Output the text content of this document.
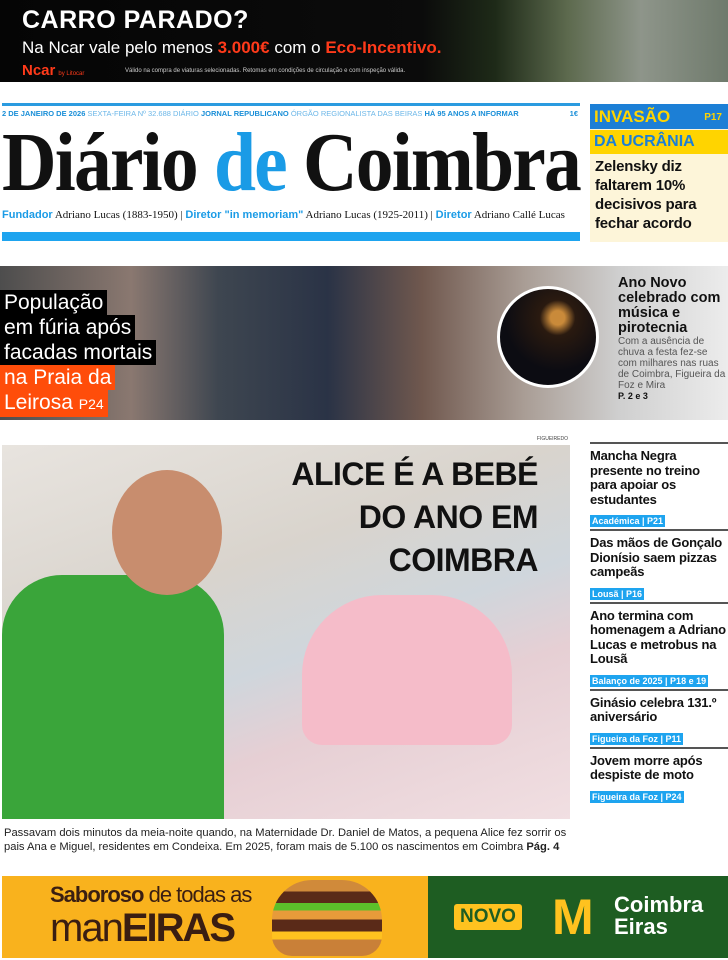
CARRO PARADO?
Na Ncar vale pelo menos 3.000€ com o Eco-Incentivo.
Ncar by Litocar	Válido na compra de viaturas selecionadas. Retomas em condições de circulação e com inspeção válida.
2 DE JANEIRO DE 2026 SEXTA-FEIRA Nº 32.688 DIÁRIO JORNAL REPUBLICANO ÓRGÃO REGIONALISTA DAS BEIRAS HÁ 95 ANOS A INFORMAR	1€
Diário de Coimbra
Fundador Adriano Lucas (1883-1950) | Diretor "in memoriam" Adriano Lucas (1925-2011) | Diretor Adriano Callé Lucas
INVASÃO	P17
DA UCRÂNIA
Zelensky diz faltarem 10% decisivos para fechar acordo
População
em fúria após
facadas mortais
na Praia da
Leirosa P24
Ano Novo celebrado com música e pirotecnia
Com a ausência de chuva a festa fez-se com milhares nas ruas de Coimbra, Figueira da Foz e Mira
P. 2 e 3
FIGUEIREDO
ALICE É A BEBÉ
DO ANO EM
COIMBRA
Passavam dois minutos da meia-noite quando, na Maternidade Dr. Daniel de Matos, a pequena Alice fez sorrir os pais Ana e Miguel, residentes em Condeixa. Em 2025, foram mais de 5.100 os nascimentos em Coimbra Pág. 4
Mancha Negra presente no treino para apoiar os estudantes
Académica | P21
Das mãos de Gonçalo Dionísio saem pizzas campeãs
Lousã | P16
Ano termina com homenagem a Adriano Lucas e metrobus na Lousã
Balanço de 2025 | P18 e 19
Ginásio celebra 131.º aniversário
Figueira da Foz | P11
Jovem morre após despiste de moto
Figueira da Foz | P24
Saboroso de todas as
manEIRAS	NOVO M Coimbra
Eiras
